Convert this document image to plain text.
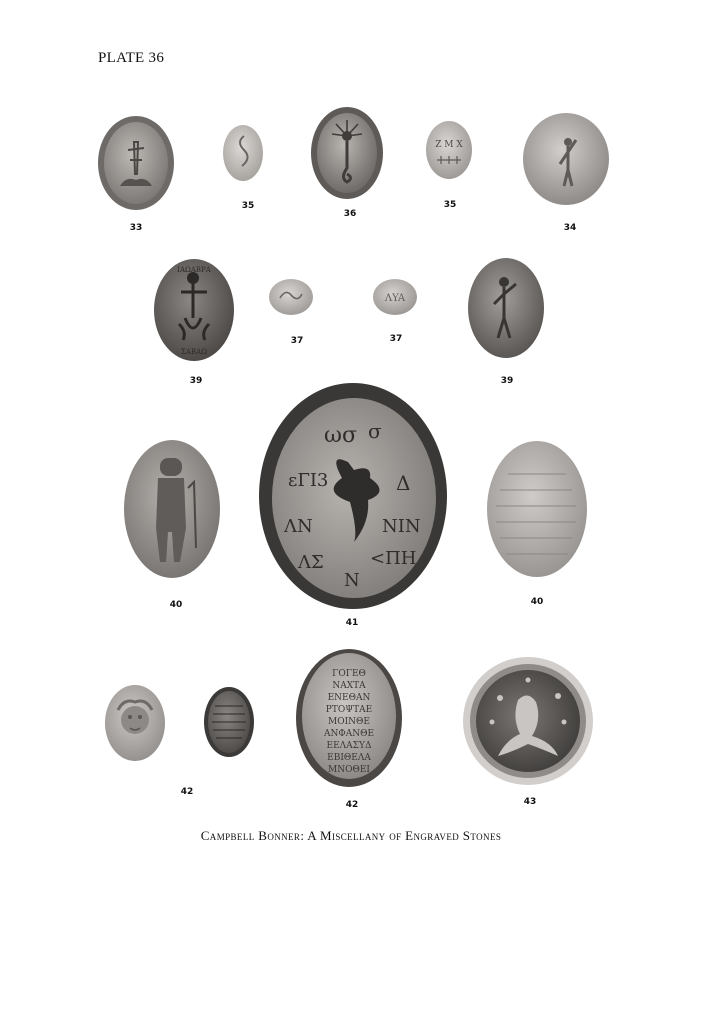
PLATE 36
33
35
36
Z M X
35
34
ΙΑΩΑΒΡΑ
ΣΑΒΑΩ
39
37
ΛYA
37
39
40
ωσ σ
εΓΙ3	Δ
ΛΝ	ΝΙΝ
ΛΣ	<ΠΗ
Ν
41
40
42
ΓΟΓΕΘ
ΝΑΧΤΑ
ΕΝΕΘΑΝ
ΡΤΟΨΤΑΕ
ΜΟΙΝΘΕ
ΑΝΦΑΝΘΕ
ΕΕΛΑΣΥΔ
ΕΒΙΘΕΛΑ
ΜΝΟΘΕΙ
42	43
Campbell Bonner: A Miscellany of Engraved Stones
